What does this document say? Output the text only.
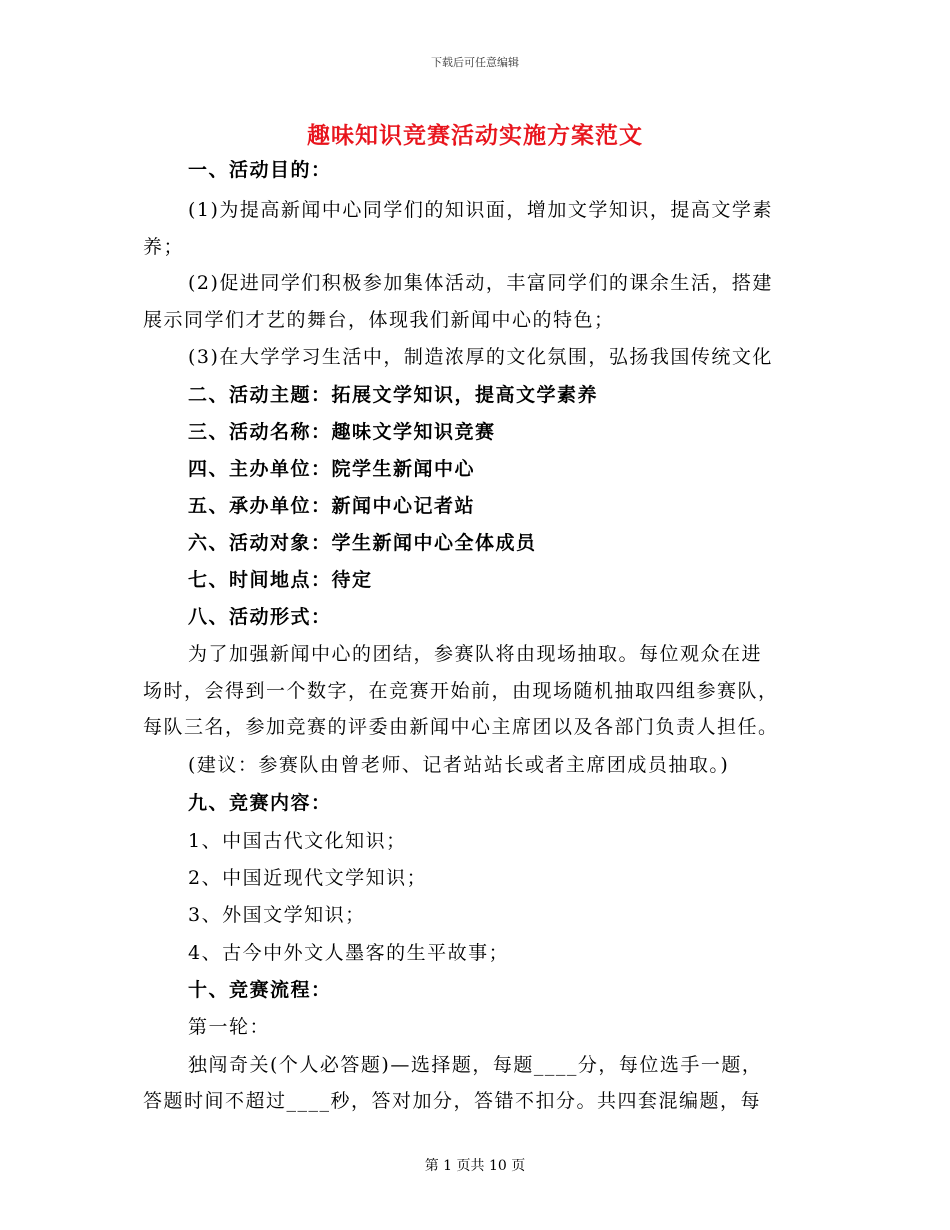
下载后可任意编辑
趣味知识竞赛活动实施方案范文
一、活动目的：
(1)为提高新闻中心同学们的知识面，增加文学知识，提高文学素
养；
(2)促进同学们积极参加集体活动，丰富同学们的课余生活，搭建
展示同学们才艺的舞台，体现我们新闻中心的特色；
(3)在大学学习生活中，制造浓厚的文化氛围，弘扬我国传统文化
二、活动主题：拓展文学知识，提高文学素养
三、活动名称：趣味文学知识竞赛
四、主办单位：院学生新闻中心
五、承办单位：新闻中心记者站
六、活动对象：学生新闻中心全体成员
七、时间地点：待定
八、活动形式：
为了加强新闻中心的团结，参赛队将由现场抽取。每位观众在进
场时，会得到一个数字，在竞赛开始前，由现场随机抽取四组参赛队，
每队三名，参加竞赛的评委由新闻中心主席团以及各部门负责人担任。
(建议：参赛队由曾老师、记者站站长或者主席团成员抽取。)
九、竞赛内容：
1、中国古代文化知识；
2、中国近现代文学知识；
3、外国文学知识；
4、古今中外文人墨客的生平故事；
十、竞赛流程：
第一轮：
独闯奇关(个人必答题)—选择题，每题____分，每位选手一题，
答题时间不超过____秒，答对加分，答错不扣分。共四套混编题，每
第 1 页共 10 页
